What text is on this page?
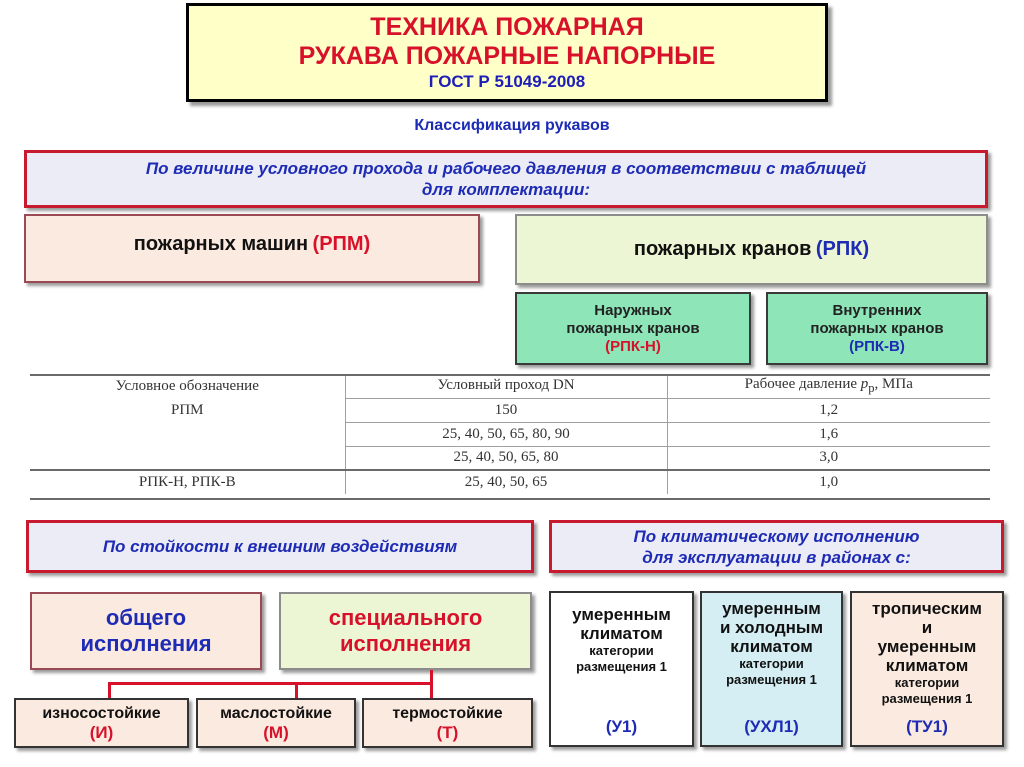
ТЕХНИКА ПОЖАРНАЯ
РУКАВА ПОЖАРНЫЕ НАПОРНЫЕ
ГОСТ Р 51049-2008
Классификация рукавов
По величине условного прохода и рабочего давления в соответствии с таблицей
для комплектации:
пожарных машин (РПМ)	пожарных кранов (РПК)
Наружных
пожарных кранов
(РПК-Н)
Внутренних
пожарных кранов
(РПК-В)
Условное обозначение	Условный проход DN	Рабочее давление $p_р$, МПа
РПМ	150	1,2
	25, 40, 50, 65, 80, 90	1,6
	25, 40, 50, 65, 80	3,0
РПК-Н, РПК-В	25, 40, 50, 65	1,0
По стойкости к внешним воздействиям
По климатическому исполнению
для эксплуатации в районах с:
общего
исполнения
специального
исполнения
износостойкие
(И)
маслостойкие
(М)
термостойкие
(Т)
умеренным
климатом
категории
размещения 1
(У1)
умеренным
и холодным
климатом
категории
размещения 1
(УХЛ1)
тропическим
и
умеренным
климатом
категории
размещения 1
(ТУ1)
